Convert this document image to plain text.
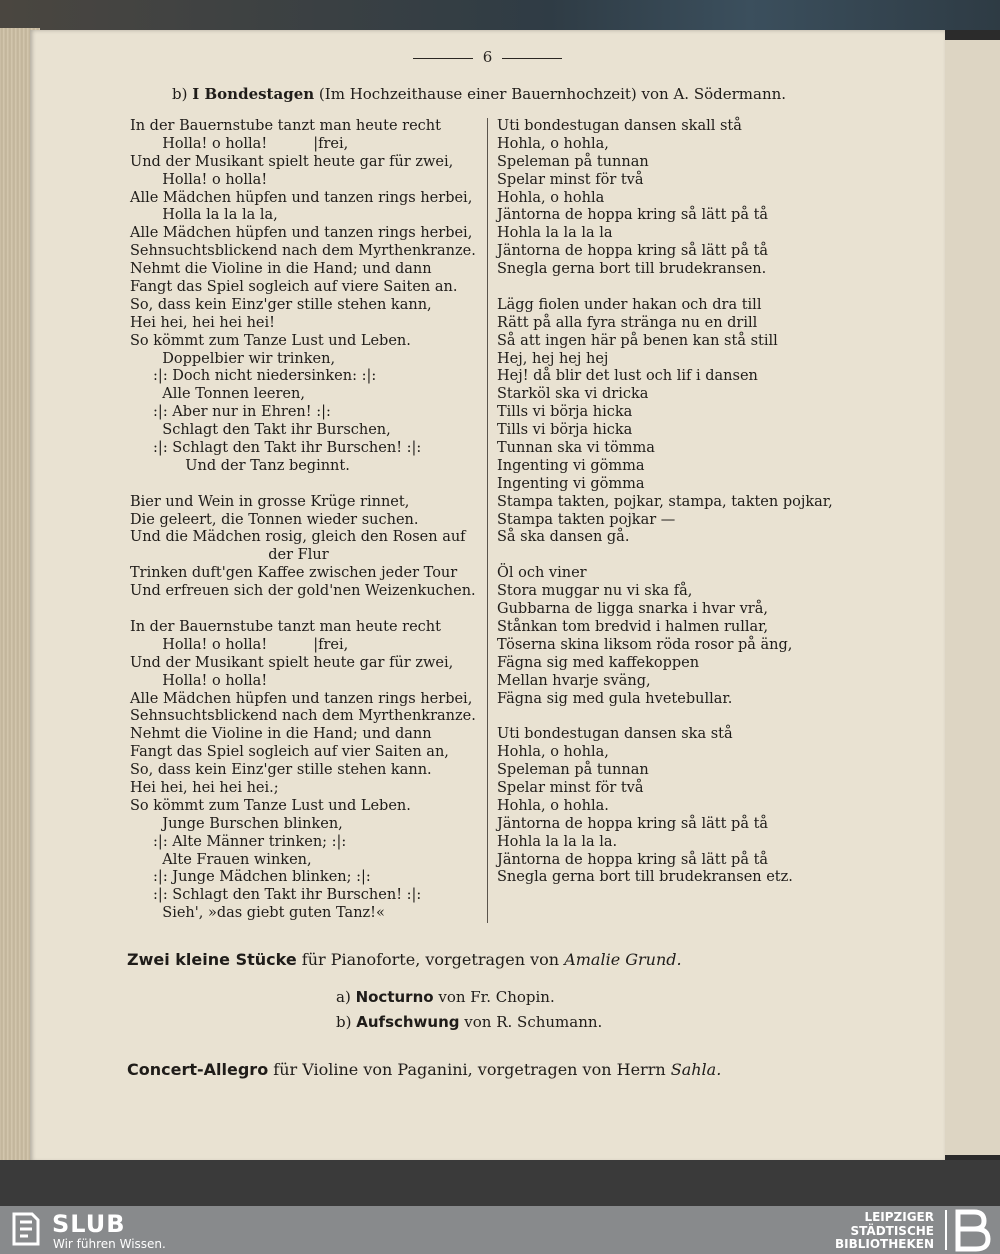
6
b) I Bondestagen (Im Hochzeithause einer Bauernhochzeit) von A. Södermann.
In der Bauernstube tanzt man heute recht
Holla! o holla!          |frei,
Und der Musikant spielt heute gar für zwei,
Holla! o holla!
Alle Mädchen hüpfen und tanzen rings herbei,
Holla la la la la,
Alle Mädchen hüpfen und tanzen rings herbei,
Sehnsuchtsblickend nach dem Myrthenkranze.
Nehmt die Violine in die Hand; und dann
Fangt das Spiel sogleich auf viere Saiten an.
So, dass kein Einz'ger stille stehen kann,
Hei hei, hei hei hei!
So kömmt zum Tanze Lust und Leben.
Doppelbier wir trinken,
:|: Doch nicht niedersinken: :|:
Alle Tonnen leeren,
:|: Aber nur in Ehren! :|:
Schlagt den Takt ihr Burschen,
:|: Schlagt den Takt ihr Burschen! :|:
Und der Tanz beginnt.
Bier und Wein in grosse Krüge rinnet,
Die geleert, die Tonnen wieder suchen.
Und die Mädchen rosig, gleich den Rosen auf
der Flur
Trinken duft'gen Kaffee zwischen jeder Tour
Und erfreuen sich der gold'nen Weizenkuchen.
In der Bauernstube tanzt man heute recht
Holla! o holla!          |frei,
Und der Musikant spielt heute gar für zwei,
Holla! o holla!
Alle Mädchen hüpfen und tanzen rings herbei,
Sehnsuchtsblickend nach dem Myrthenkranze.
Nehmt die Violine in die Hand; und dann
Fangt das Spiel sogleich auf vier Saiten an,
So, dass kein Einz'ger stille stehen kann.
Hei hei, hei hei hei.;
So kömmt zum Tanze Lust und Leben.
Junge Burschen blinken,
:|: Alte Männer trinken; :|:
Alte Frauen winken,
:|: Junge Mädchen blinken; :|:
:|: Schlagt den Takt ihr Burschen! :|:
Sieh', »das giebt guten Tanz!«
Uti bondestugan dansen skall stå
Hohla, o hohla,
Speleman på tunnan
Spelar minst för två
Hohla, o hohla
Jäntorna de hoppa kring så lätt på tå
Hohla la la la la
Jäntorna de hoppa kring så lätt på tå
Snegla gerna bort till brudekransen.
Lägg fiolen under hakan och dra till
Rätt på alla fyra stränga nu en drill
Så att ingen här på benen kan stå still
Hej, hej hej hej
Hej! då blir det lust och lif i dansen
Starköl ska vi dricka
Tills vi börja hicka
Tills vi börja hicka
Tunnan ska vi tömma
Ingenting vi gömma
Ingenting vi gömma
Stampa takten, pojkar, stampa, takten pojkar,
Stampa takten pojkar —
Så ska dansen gå.
Öl och viner
Stora muggar nu vi ska få,
Gubbarna de ligga snarka i hvar vrå,
Stånkan tom bredvid i halmen rullar,
Töserna skina liksom röda rosor på äng,
Fägna sig med kaffekoppen
Mellan hvarje sväng,
Fägna sig med gula hvetebullar.
Uti bondestugan dansen ska stå
Hohla, o hohla,
Speleman på tunnan
Spelar minst för två
Hohla, o hohla.
Jäntorna de hoppa kring så lätt på tå
Hohla la la la la.
Jäntorna de hoppa kring så lätt på tå
Snegla gerna bort till brudekransen etz.
Zwei kleine Stücke für Pianoforte, vorgetragen von Amalie Grund.
a) Nocturno von Fr. Chopin.
b) Aufschwung von R. Schumann.
Concert-Allegro für Violine von Paganini, vorgetragen von Herrn Sahla.
SLUB
Wir führen Wissen.
LEIPZIGER
STÄDTISCHE
BIBLIOTHEKEN
